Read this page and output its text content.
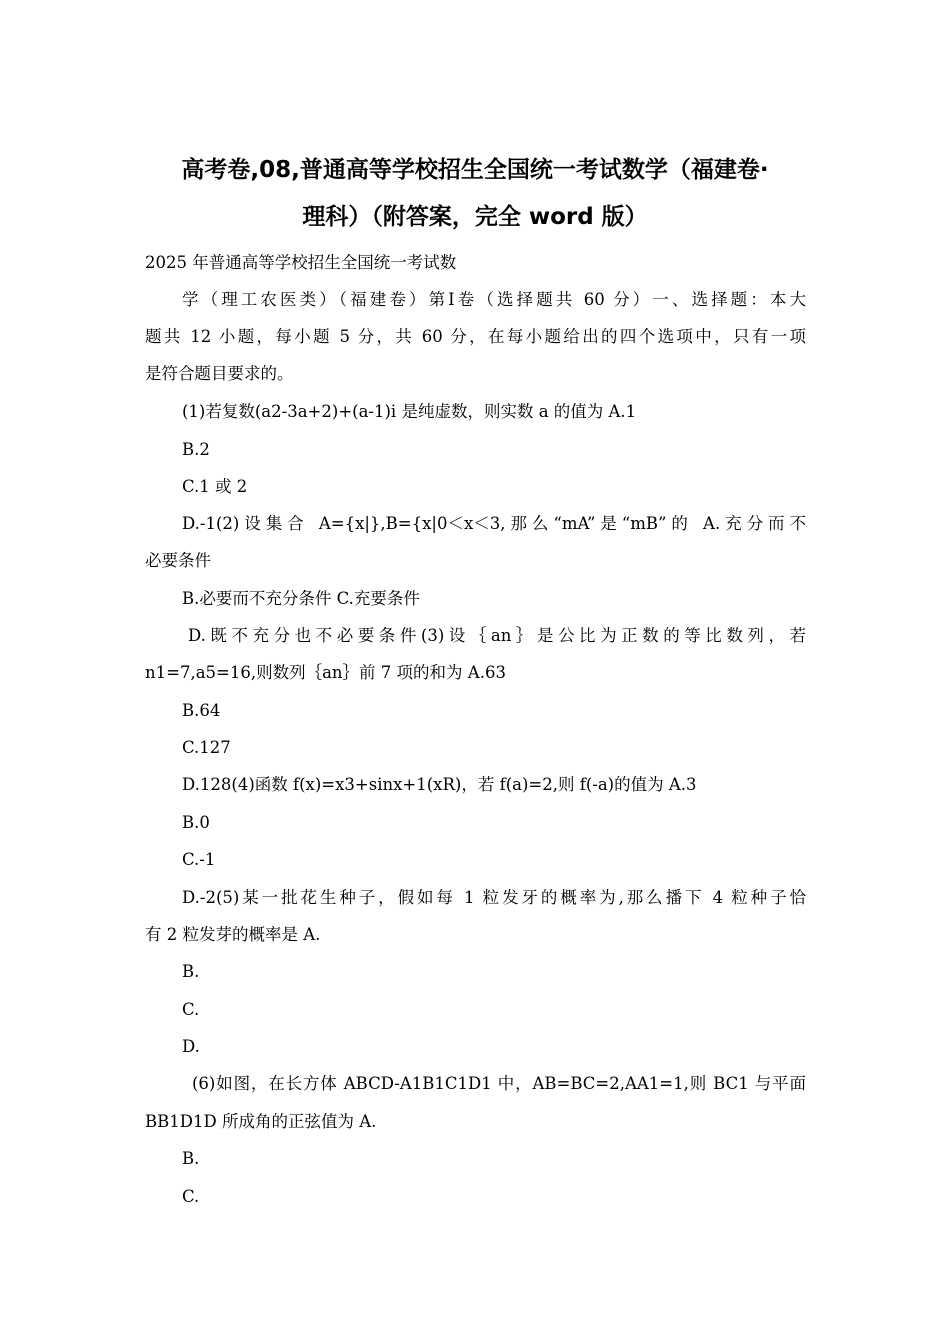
高考卷,08,普通高等学校招生全国统一考试数学（福建卷·
理科）（附答案，完全 word 版）
2025 年普通高等学校招生全国统一考试数
学（理工农医类）（福建卷）第Ⅰ卷（选择题共 60 分）一、选择题：本大
题共 12 小题，每小题 5 分，共 60 分，在每小题给出的四个选项中，只有一项
是符合题目要求的。
(1)若复数(a2-3a+2)+(a-1)i 是纯虚数，则实数 a 的值为 A.1
B.2
C.1 或 2
D.-1(2)设集合 A={x|},B={x|0＜x＜3,那么“mA”是“mB”的 A.充分而不
必要条件
B.必要而不充分条件 C.充要条件
D.既不充分也不必要条件(3)设｛an｝是公比为正数的等比数列，若
n1=7,a5=16,则数列｛an｝前 7 项的和为 A.63
B.64
C.127
D.128(4)函数 f(x)=x3+sinx+1(xR)，若 f(a)=2,则 f(-a)的值为 A.3
B.0
C.-1
D.-2(5)某一批花生种子，假如每 1 粒发牙的概率为,那么播下 4 粒种子恰
有 2 粒发芽的概率是 A.
B.
C.
D.
(6)如图，在长方体 ABCD-A1B1C1D1 中，AB=BC=2,AA1=1,则 BC1 与平面
BB1D1D 所成角的正弦值为 A.
B.
C.
